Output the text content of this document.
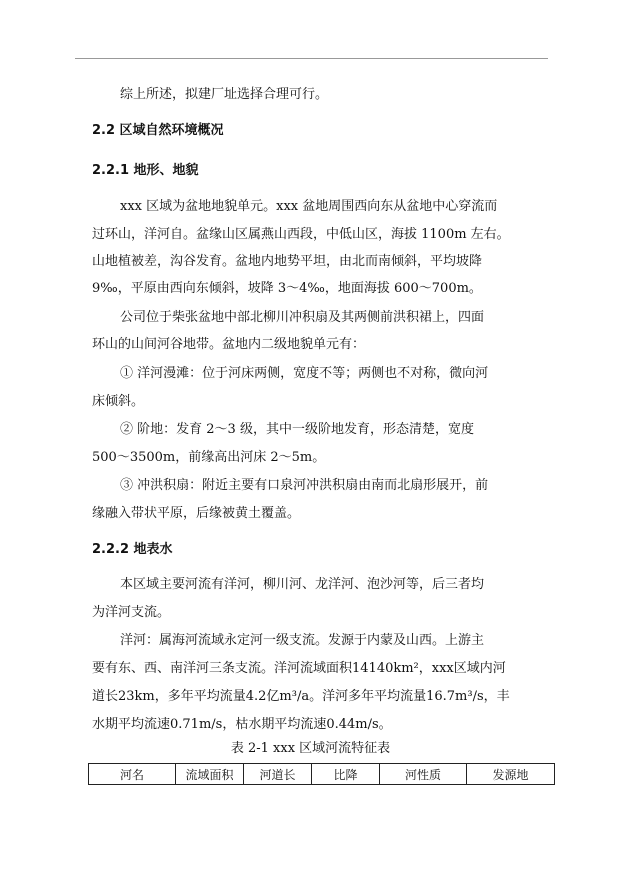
综上所述，拟建厂址选择合理可行。
2.2 区域自然环境概况
2.2.1 地形、地貌
xxx 区域为盆地地貌单元。xxx 盆地周围西向东从盆地中心穿流而
过环山，洋河自。盆缘山区属燕山西段，中低山区，海拔 1100m 左右。
山地植被差，沟谷发育。盆地内地势平坦，由北而南倾斜，平均坡降
9‰，平原由西向东倾斜，坡降 3～4‰，地面海拔 600～700m。
公司位于柴张盆地中部北柳川冲积扇及其两侧前洪积裙上，四面
环山的山间河谷地带。盆地内二级地貌单元有：
① 洋河漫滩：位于河床两侧，宽度不等；两侧也不对称，微向河
床倾斜。
② 阶地：发育 2～3 级，其中一级阶地发育，形态清楚，宽度
500～3500m，前缘高出河床 2～5m。
③ 冲洪积扇：附近主要有口泉河冲洪积扇由南而北扇形展开，前
缘融入带状平原，后缘被黄土覆盖。
2.2.2 地表水
本区域主要河流有洋河，柳川河、龙洋河、泡沙河等，后三者均
为洋河支流。
洋河：属海河流域永定河一级支流。发源于内蒙及山西。上游主
要有东、西、南洋河三条支流。洋河流域面积14140km²，xxx区域内河
道长23km，多年平均流量4.2亿m³/a。洋河多年平均流量16.7m³/s，丰
水期平均流速0.71m/s，枯水期平均流速0.44m/s。
表 2-1 xxx 区域河流特征表
河名	流域面积	河道长	比降	河性质	发源地
